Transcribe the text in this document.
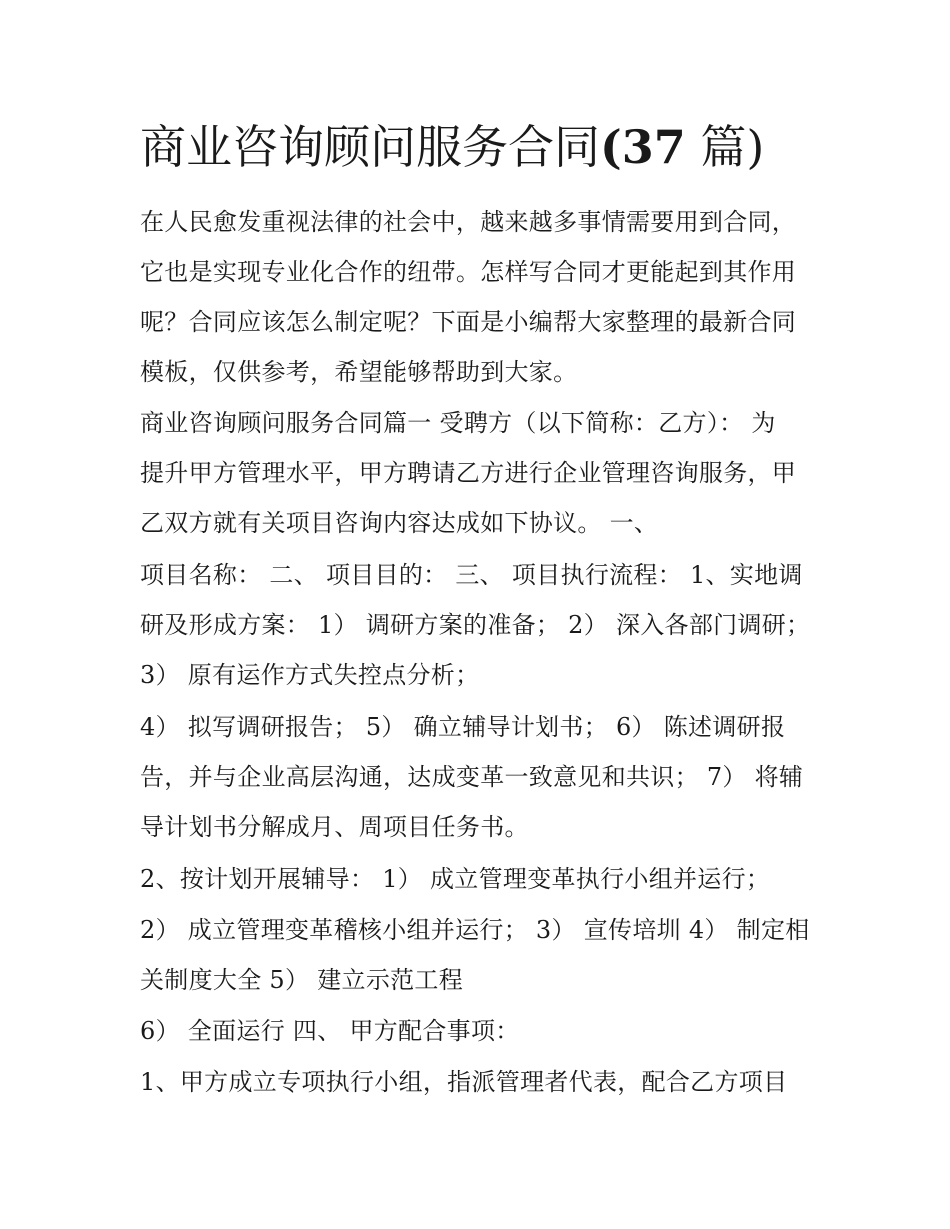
商业咨询顾问服务合同(37 篇)

在人民愈发重视法律的社会中，越来越多事情需要用到合同，

它也是实现专业化合作的纽带。怎样写合同才更能起到其作用

呢？合同应该怎么制定呢？下面是小编帮大家整理的最新合同

模板，仅供参考，希望能够帮助到大家。

商业咨询顾问服务合同篇一 受聘方（以下简称：乙方）： 为

提升甲方管理水平，甲方聘请乙方进行企业管理咨询服务，甲

乙双方就有关项目咨询内容达成如下协议。 一、

项目名称： 二、 项目目的： 三、 项目执行流程： 1、实地调

研及形成方案： 1） 调研方案的准备； 2） 深入各部门调研；

3） 原有运作方式失控点分析；

4） 拟写调研报告； 5） 确立辅导计划书； 6） 陈述调研报

告，并与企业高层沟通，达成变革一致意见和共识； 7） 将辅

导计划书分解成月、周项目任务书。

2、按计划开展辅导： 1） 成立管理变革执行小组并运行；

2） 成立管理变革稽核小组并运行； 3） 宣传培圳 4） 制定相

关制度大全 5） 建立示范工程

6） 全面运行 四、 甲方配合事项：

1、甲方成立专项执行小组，指派管理者代表，配合乙方项目
